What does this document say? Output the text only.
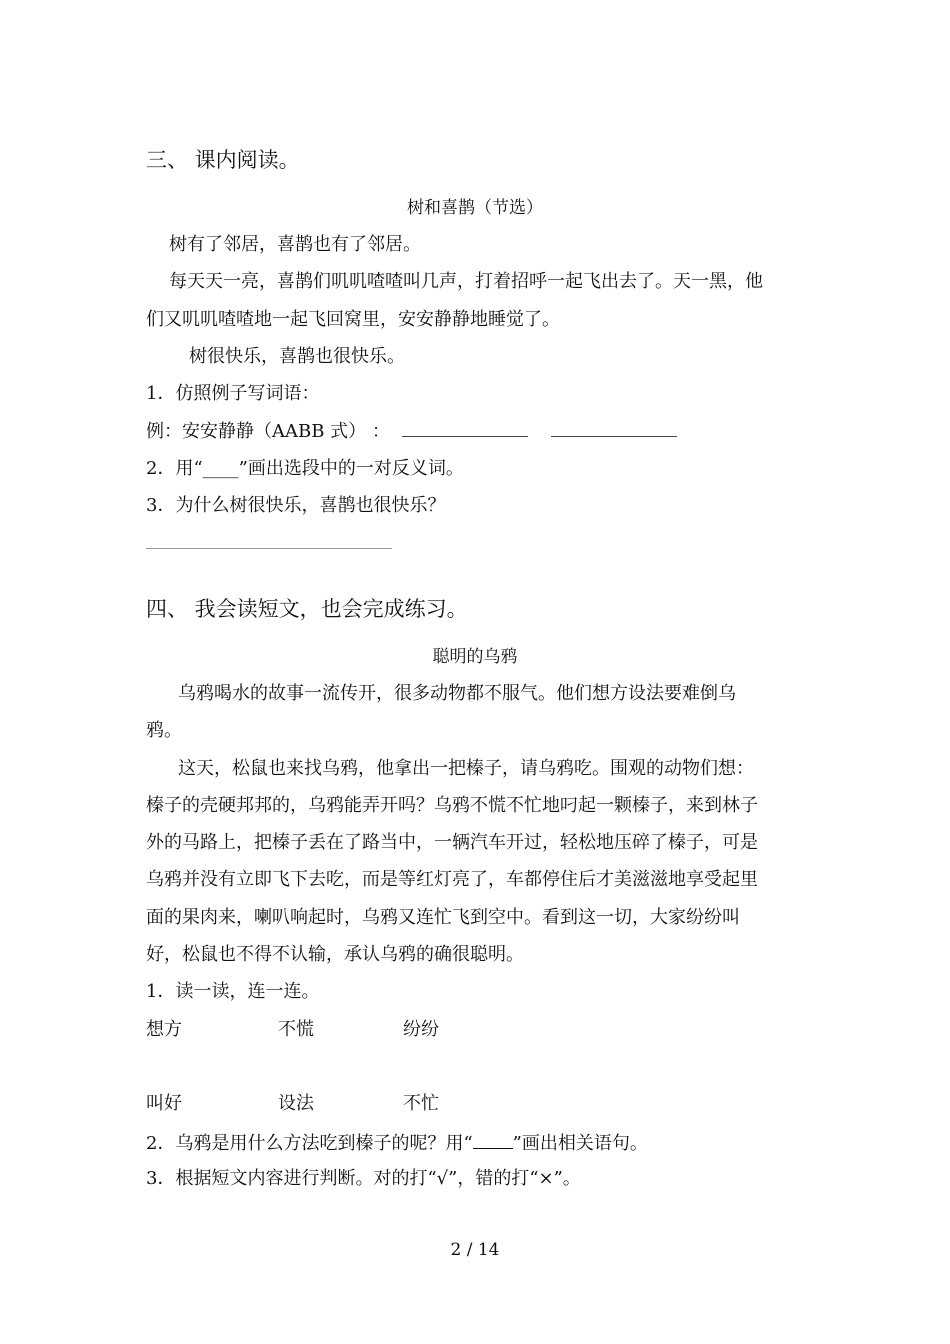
三、 课内阅读。
树和喜鹊（节选）
树有了邻居，喜鹊也有了邻居。
每天天一亮，喜鹊们叽叽喳喳叫几声，打着招呼一起飞出去了。天一黑，他
们又叽叽喳喳地一起飞回窝里，安安静静地睡觉了。
树很快乐，喜鹊也很快乐。
1．仿照例子写词语：
例：安安静静（AABB 式） ：
2．用“____”画出选段中的一对反义词。
3．为什么树很快乐，喜鹊也很快乐？
四、 我会读短文，也会完成练习。
聪明的乌鸦
乌鸦喝水的故事一流传开，很多动物都不服气。他们想方设法要难倒乌
鸦。
这天，松鼠也来找乌鸦，他拿出一把榛子，请乌鸦吃。围观的动物们想：
榛子的壳硬邦邦的，乌鸦能弄开吗？乌鸦不慌不忙地叼起一颗榛子，来到林子
外的马路上，把榛子丢在了路当中，一辆汽车开过，轻松地压碎了榛子，可是
乌鸦并没有立即飞下去吃，而是等红灯亮了，车都停住后才美滋滋地享受起里
面的果肉来，喇叭响起时，乌鸦又连忙飞到空中。看到这一切，大家纷纷叫
好，松鼠也不得不认输，承认乌鸦的确很聪明。
1．读一读，连一连。
想方	不慌	纷纷
叫好	设法	不忙
2．乌鸦是用什么方法吃到榛子的呢？用“ ”画出相关语句。
3．根据短文内容进行判断。对的打“√”，错的打“×”。
2 / 14
